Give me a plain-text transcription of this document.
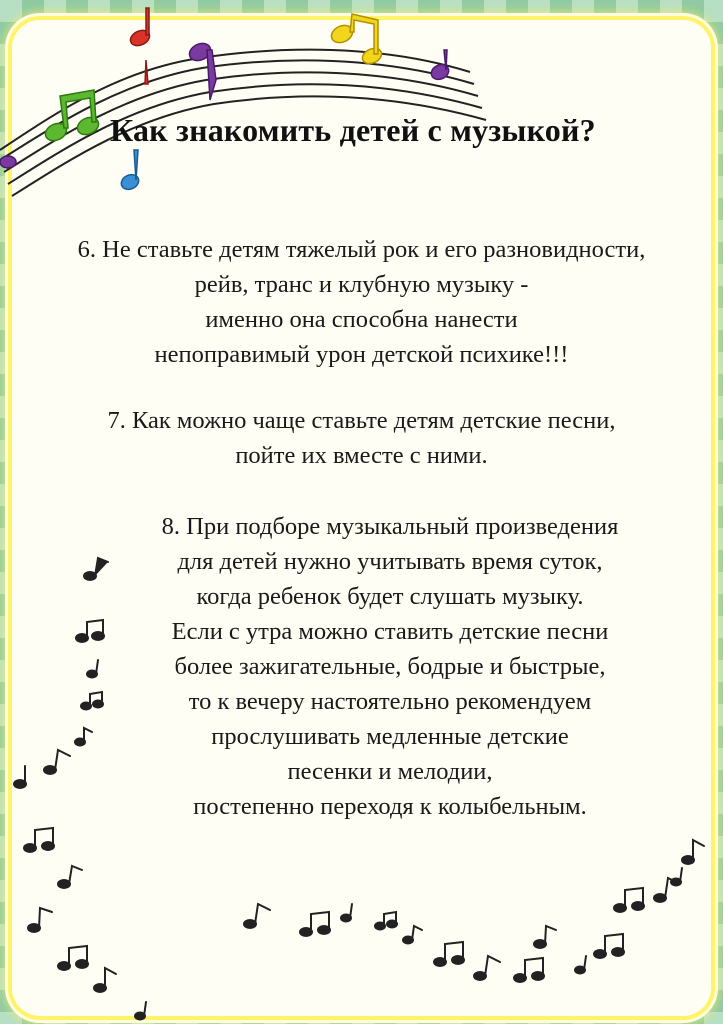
Как знакомить детей с музыкой?

6. Не ставьте детям тяжелый рок и его разновидности,

рейв, транс и клубную музыку -

именно она способна нанести

непоправимый урон детской психике!!!

7. Как можно чаще ставьте детям детские песни,

пойте их вместе с ними.

8. При подборе музыкальный произведения

для детей нужно учитывать время суток,

когда ребенок будет слушать музыку.

Если с утра можно ставить детские песни

более зажигательные, бодрые и быстрые,

то к вечеру настоятельно рекомендуем

прослушивать медленные детские

песенки и мелодии,

постепенно переходя к колыбельным.
